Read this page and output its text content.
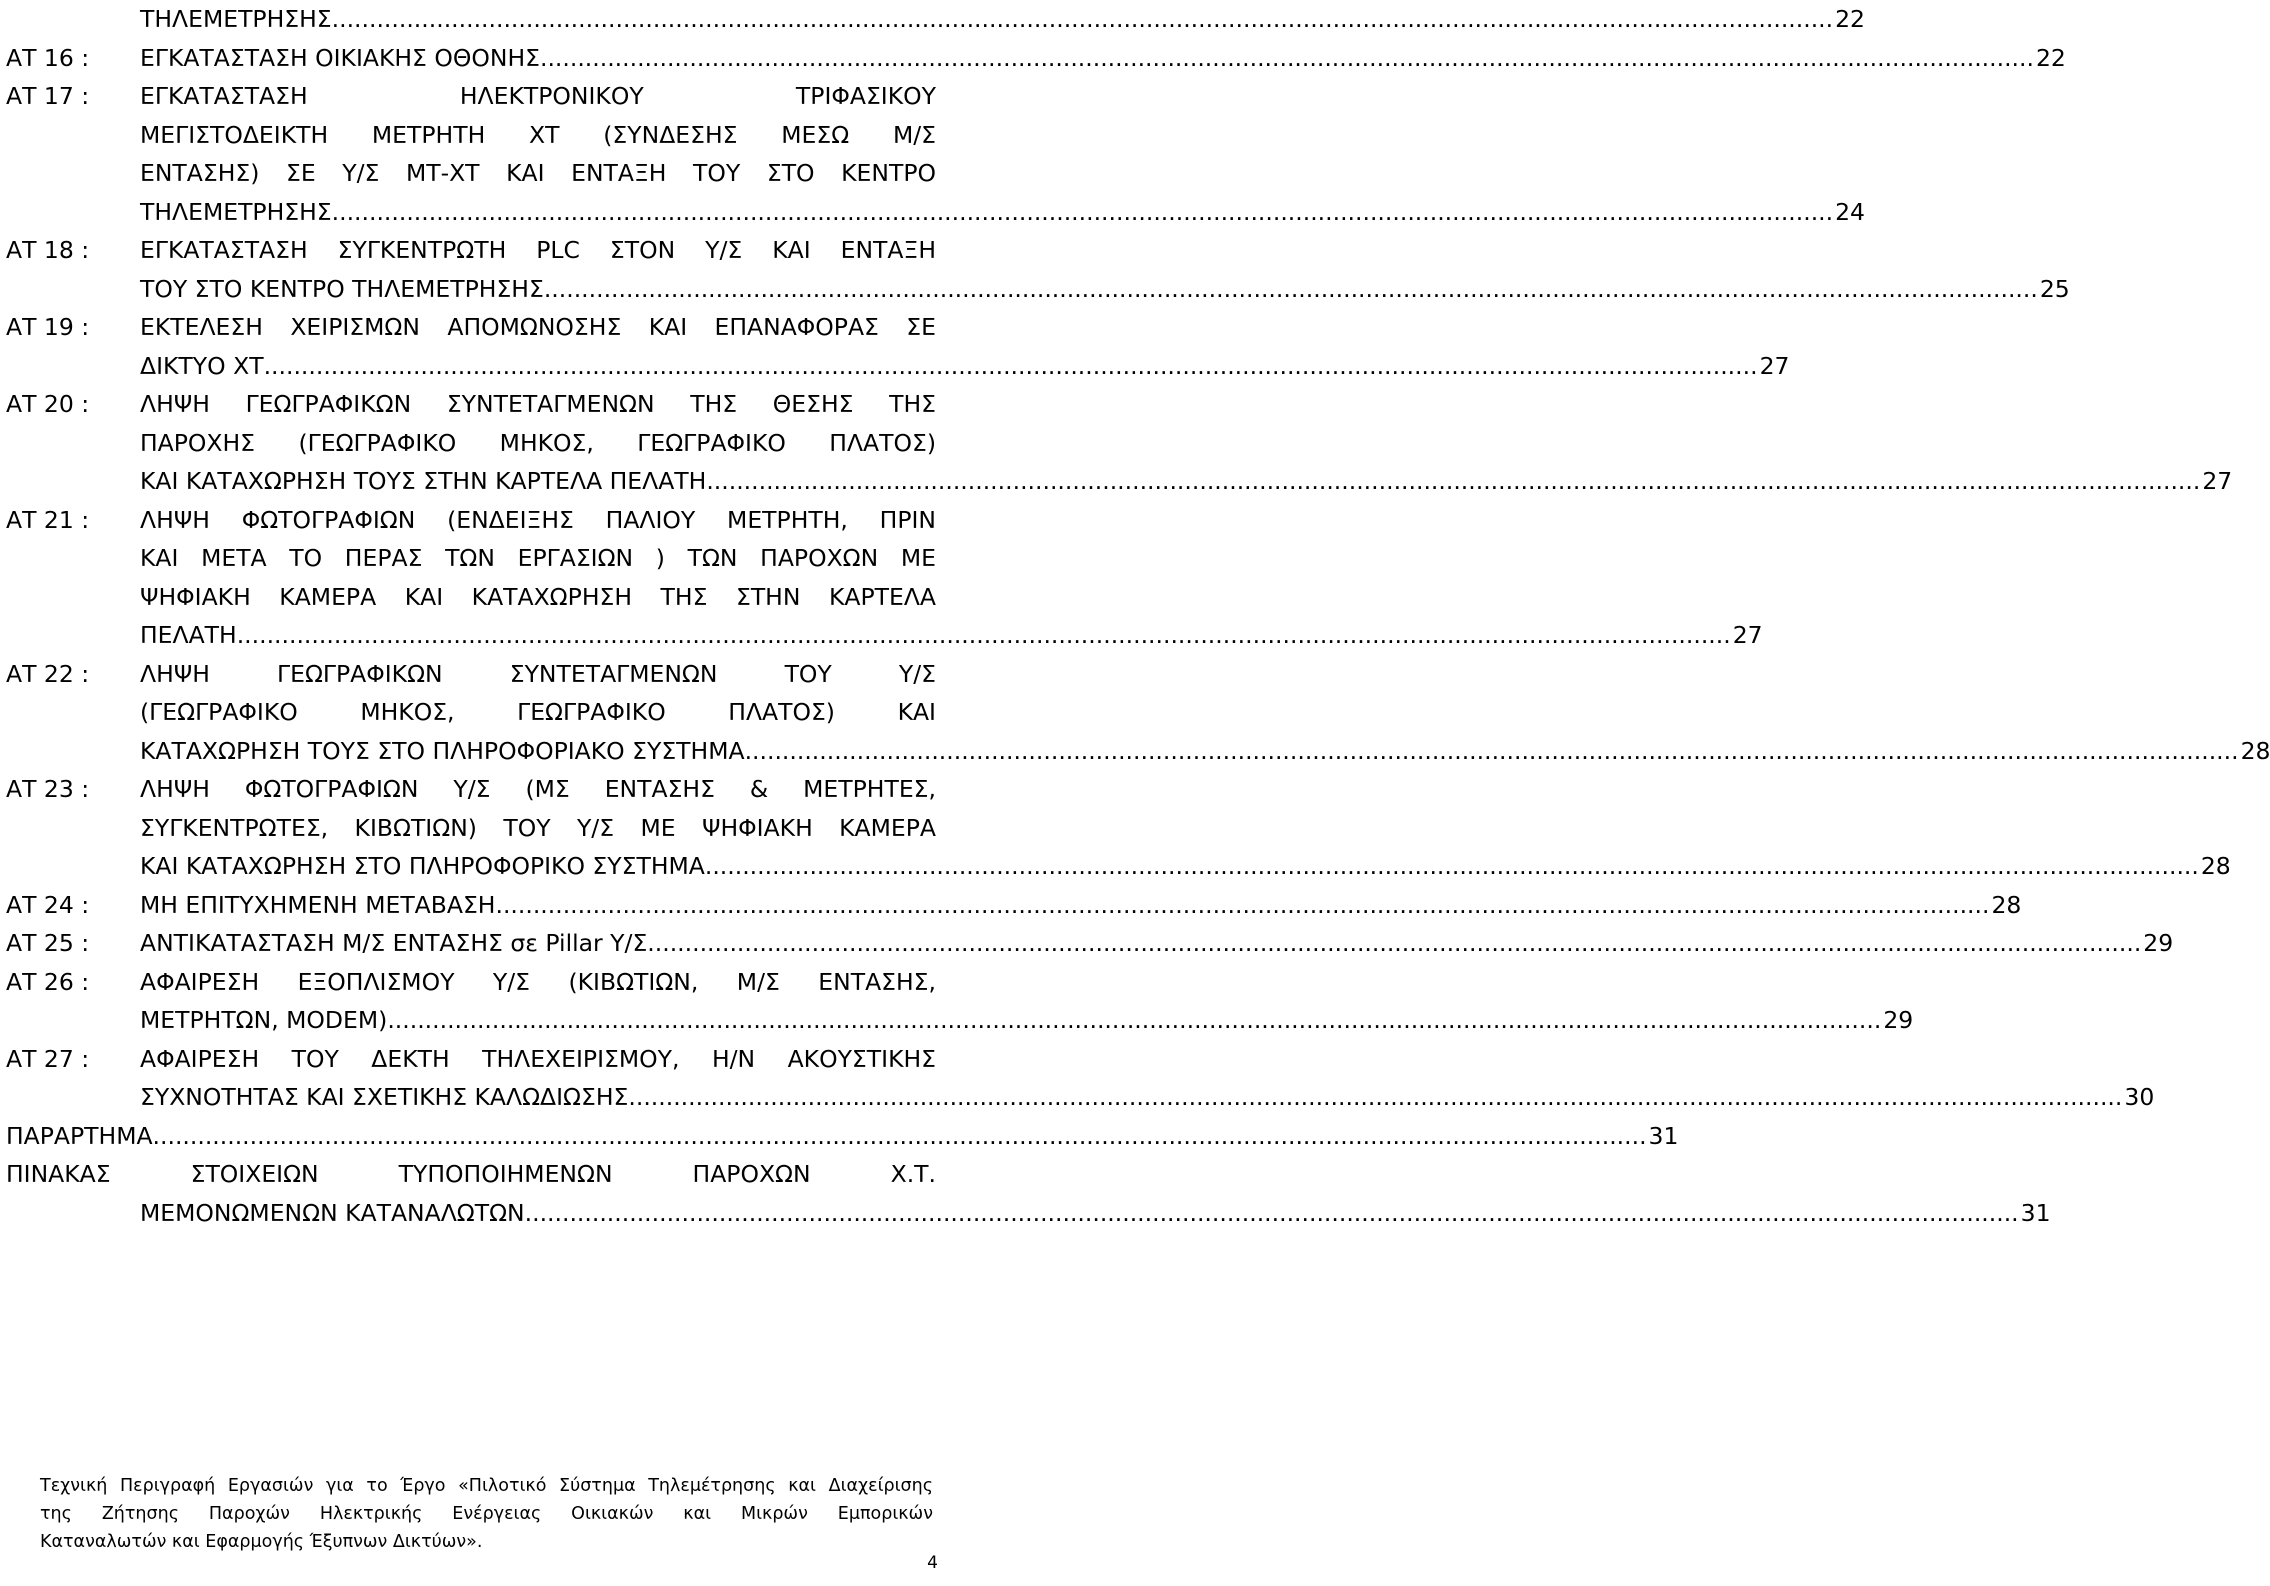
ΤΗΛΕΜΕΤΡΗΣΗΣ. ........................................................................................................................................................................................................ 22
ΑΤ 16 : ΕΓΚΑΤΑΣΤΑΣΗ ΟΙΚΙΑΚΗΣ ΟΘΟΝΗΣ ........................................................................................................................................................................................................ 22
ΑΤ 17 : ΕΓΚΑΤΑΣΤΑΣΗ ΗΛΕΚΤΡΟΝΙΚΟΥ ΤΡΙΦΑΣΙΚΟΥ
ΜΕΓΙΣΤΟΔΕΙΚΤΗ ΜΕΤΡΗΤΗ ΧΤ (ΣΥΝΔΕΣΗΣ ΜΕΣΩ Μ/Σ
ΕΝΤΑΣΗΣ) ΣΕ Υ/Σ ΜΤ-ΧΤ ΚΑΙ ΕΝΤΑΞΗ ΤΟΥ ΣΤΟ ΚΕΝΤΡΟ
ΤΗΛΕΜΕΤΡΗΣΗΣ. ........................................................................................................................................................................................................ 24
ΑΤ 18 : ΕΓΚΑΤΑΣΤΑΣΗ ΣΥΓΚΕΝΤΡΩΤΗ PLC ΣΤΟΝ Υ/Σ ΚΑΙ ΕΝΤΑΞΗ
ΤΟΥ ΣΤΟ ΚΕΝΤΡΟ ΤΗΛΕΜΕΤΡΗΣΗΣ ........................................................................................................................................................................................................ 25
ΑΤ 19 : ΕΚΤΕΛΕΣΗ ΧΕΙΡΙΣΜΩΝ ΑΠΟΜΩΝΟΣΗΣ ΚΑΙ ΕΠΑΝΑΦΟΡΑΣ ΣΕ
ΔΙΚΤΥΟ ΧΤ ........................................................................................................................................................................................................ 27
ΑΤ 20 : ΛΗΨΗ ΓΕΩΓΡΑΦΙΚΩΝ ΣΥΝΤΕΤΑΓΜΕΝΩΝ ΤΗΣ ΘΕΣΗΣ ΤΗΣ
ΠΑΡΟΧΗΣ (ΓΕΩΓΡΑΦΙΚΟ ΜΗΚΟΣ, ΓΕΩΓΡΑΦΙΚΟ ΠΛΑΤΟΣ)
ΚΑΙ ΚΑΤΑΧΩΡΗΣΗ ΤΟΥΣ ΣΤΗΝ ΚΑΡΤΕΛΑ ΠΕΛΑΤΗ ........................................................................................................................................................................................................ 27
ΑΤ 21 : ΛΗΨΗ ΦΩΤΟΓΡΑΦΙΩΝ (ΕΝΔΕΙΞΗΣ ΠΑΛΙΟΥ ΜΕΤΡΗΤΗ, ΠΡΙΝ
ΚΑΙ ΜΕΤΑ ΤΟ ΠΕΡΑΣ ΤΩΝ ΕΡΓΑΣΙΩΝ ) ΤΩΝ ΠΑΡΟΧΩΝ ΜΕ
ΨΗΦΙΑΚΗ ΚΑΜΕΡΑ ΚΑΙ ΚΑΤΑΧΩΡΗΣΗ ΤΗΣ ΣΤΗΝ ΚΑΡΤΕΛΑ
ΠΕΛΑΤΗ ........................................................................................................................................................................................................ 27
ΑΤ 22 : ΛΗΨΗ ΓΕΩΓΡΑΦΙΚΩΝ ΣΥΝΤΕΤΑΓΜΕΝΩΝ ΤΟΥ Υ/Σ
(ΓΕΩΓΡΑΦΙΚΟ ΜΗΚΟΣ, ΓΕΩΓΡΑΦΙΚΟ ΠΛΑΤΟΣ) ΚΑΙ
ΚΑΤΑΧΩΡΗΣΗ ΤΟΥΣ ΣΤΟ ΠΛΗΡΟΦΟΡΙΑΚΟ ΣΥΣΤΗΜΑ ........................................................................................................................................................................................................ 28
ΑΤ 23 : ΛΗΨΗ ΦΩΤΟΓΡΑΦΙΩΝ Υ/Σ (ΜΣ ΕΝΤΑΣΗΣ & ΜΕΤΡΗΤΕΣ,
ΣΥΓΚΕΝΤΡΩΤΕΣ, ΚΙΒΩΤΙΩΝ) ΤΟΥ Υ/Σ ΜΕ ΨΗΦΙΑΚΗ ΚΑΜΕΡΑ
ΚΑΙ ΚΑΤΑΧΩΡΗΣΗ ΣΤΟ ΠΛΗΡΟΦΟΡΙΚΟ ΣΥΣΤΗΜΑ ........................................................................................................................................................................................................ 28
ΑΤ 24 : ΜΗ ΕΠΙΤΥΧΗΜΕΝΗ ΜΕΤΑΒΑΣΗ ........................................................................................................................................................................................................ 28
ΑΤ 25 : ΑΝΤΙΚΑΤΑΣΤΑΣΗ Μ/Σ ΕΝΤΑΣΗΣ σε Pillar Υ/Σ ........................................................................................................................................................................................................ 29
ΑΤ 26 : ΑΦΑΙΡΕΣΗ ΕΞΟΠΛΙΣΜΟΥ Υ/Σ (ΚΙΒΩΤΙΩΝ, Μ/Σ ΕΝΤΑΣΗΣ,
ΜΕΤΡΗΤΩΝ, MODEM) ........................................................................................................................................................................................................ 29
ΑΤ 27 : ΑΦΑΙΡΕΣΗ ΤΟΥ ΔΕΚΤΗ ΤΗΛΕΧΕΙΡΙΣΜΟΥ, Η/Ν ΑΚΟΥΣΤΙΚΗΣ
ΣΥΧΝΟΤΗΤΑΣ ΚΑΙ ΣΧΕΤΙΚΗΣ ΚΑΛΩΔΙΩΣΗΣ ........................................................................................................................................................................................................ 30
ΠΑΡΑΡΤΗΜΑ ........................................................................................................................................................................................................ 31
ΠΙΝΑΚΑΣ ΣΤΟΙΧΕΙΩΝ ΤΥΠΟΠΟΙΗΜΕΝΩΝ ΠΑΡΟΧΩΝ Χ.Τ.
ΜΕΜΟΝΩΜΕΝΩΝ ΚΑΤΑΝΑΛΩΤΩΝ ........................................................................................................................................................................................................ 31
Τεχνική Περιγραφή Εργασιών για το Έργο «Πιλοτικό Σύστημα Τηλεμέτρησης και Διαχείρισης
της Ζήτησης Παροχών Ηλεκτρικής Ενέργειας Οικιακών και Μικρών Εμπορικών
Καταναλωτών και Εφαρμογής Έξυπνων Δικτύων».
4
